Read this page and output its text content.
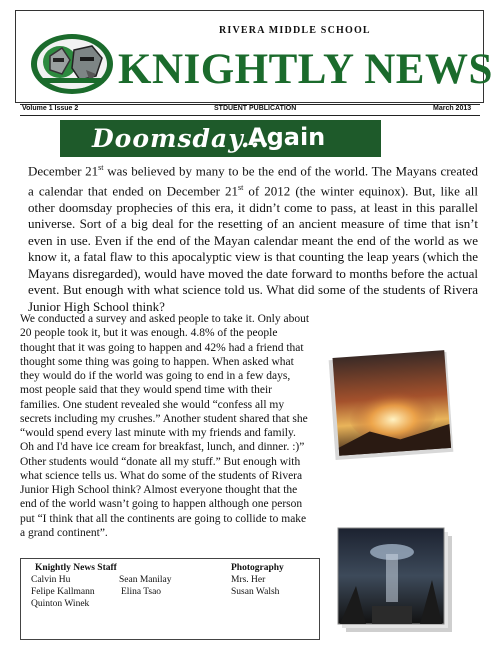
RIVERA MIDDLE SCHOOL
KNIGHTLY NEWS
Volume 1 Issue 2	STDUENT PUBLICATION	March 2013
Doomsday...
Again

December 21st was believed by many to be the end of the world. The Mayans created a calendar that ended on December 21st of 2012 (the winter equinox). But, like all other doomsday prophecies of this era, it didn’t come to pass, at least in this parallel universe. Sort of a big deal for the resetting of an ancient measure of time that isn’t even in use. Even if the end of the Mayan calendar meant the end of the world as we know it, a fatal flaw to this apocalyptic view is that counting the leap years (which the Mayans disregarded), would have moved the date forward to months before the actual event. But enough with what science told us. What did some of the students of Rivera Junior High School think?

We conducted a survey and asked people to take it. Only about 20 people took it, but it was enough. 4.8% of the people thought that it was going to happen and 42% had a friend that thought some thing was going to happen. When asked what they would do if the world was going to end in a few days, most people said that they would spend time with their families. One student revealed she would “confess all my secrets including my crushes.” Another student shared that she “would spend every last minute with my friends and family. Oh and I'd have ice cream for breakfast, lunch, and dinner. :)” Other students would “donate all my stuff.” But enough with what science tells us. What do some of the students of Rivera Junior High School think? Almost everyone thought that the end of the world wasn’t going to happen although one person put “I think that all the continents are going to collide to make a grand continent”.

Knightly News Staff	Photography
Calvin Hu	Sean Manilay	Mrs. Her
Felipe Kallmann	Elina Tsao	Susan Walsh
Quinton Winek
